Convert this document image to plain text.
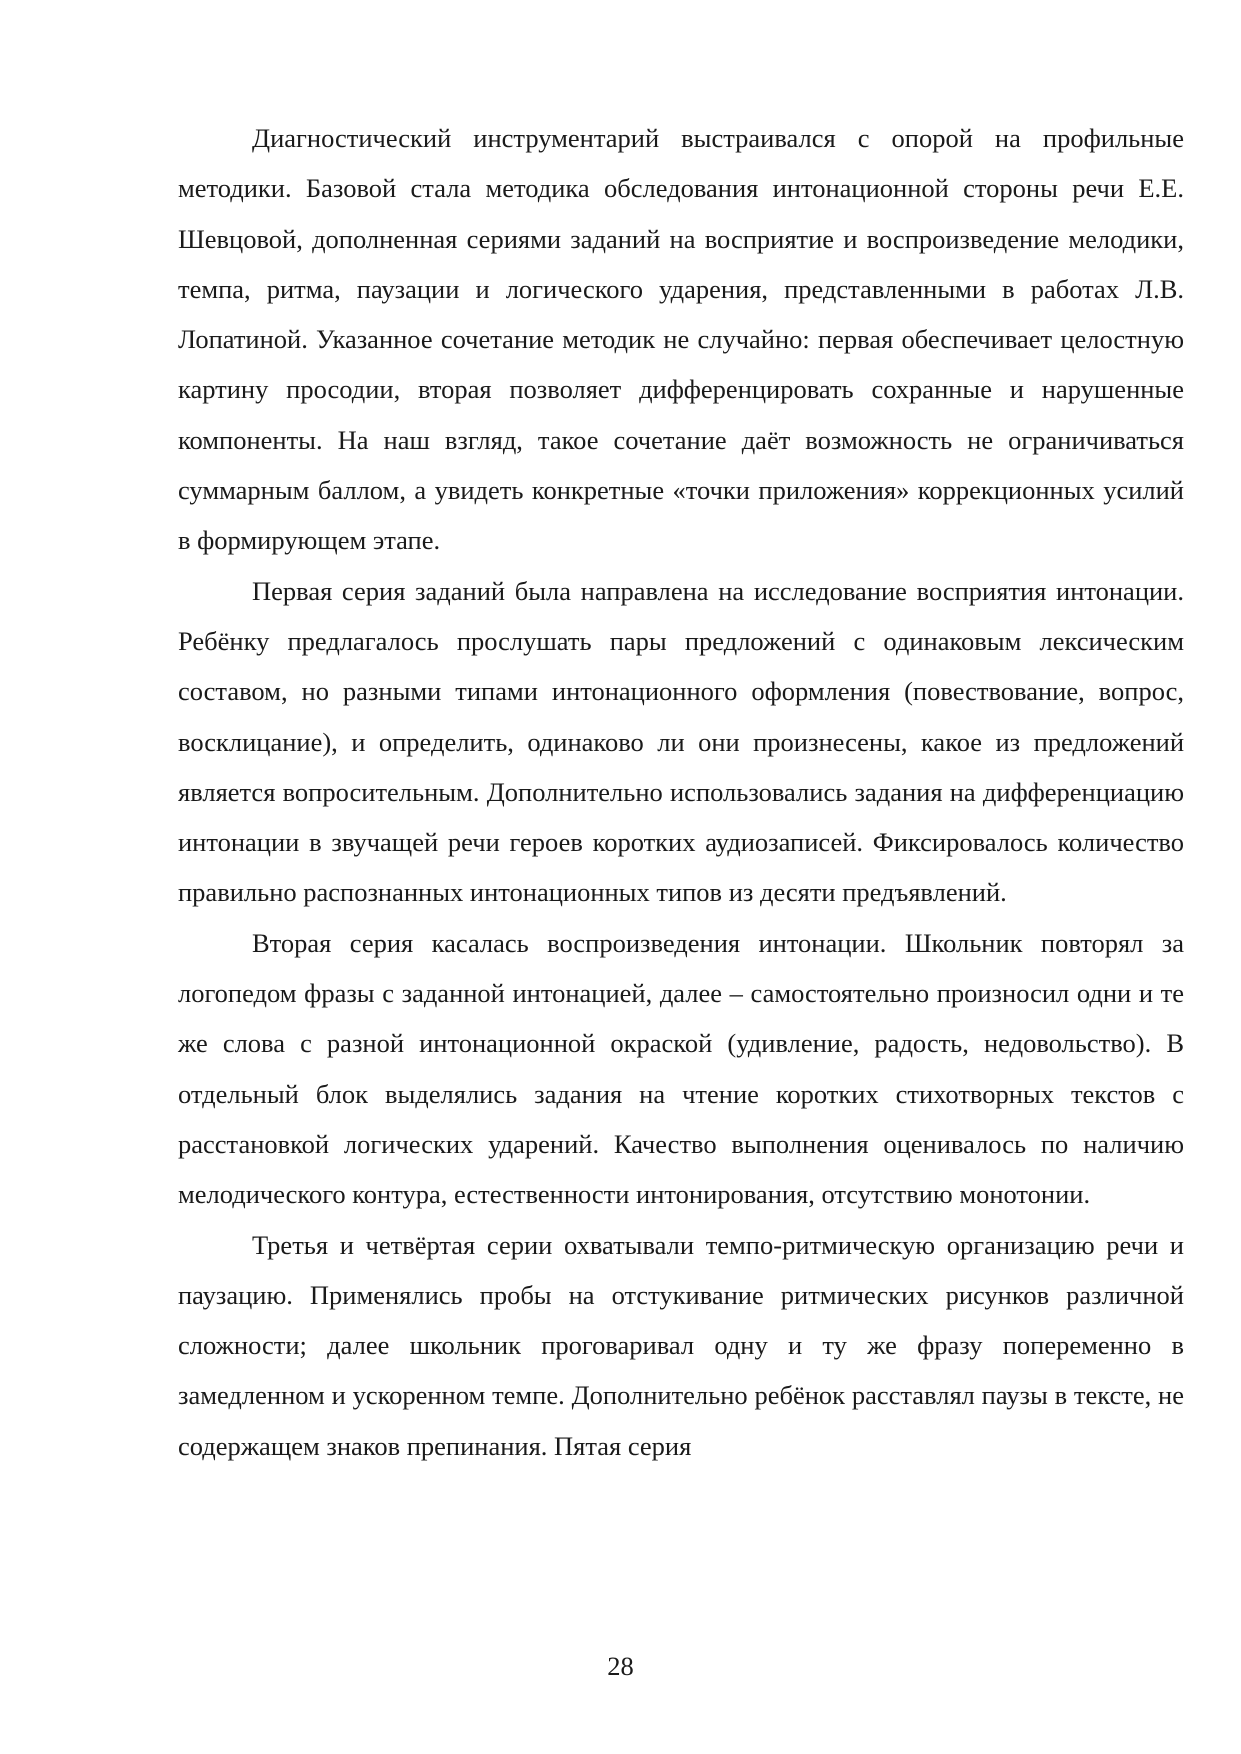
Диагностический инструментарий выстраивался с опорой на профильные методики. Базовой стала методика обследования интонационной стороны речи Е.Е. Шевцовой, дополненная сериями заданий на восприятие и воспроизведение мелодики, темпа, ритма, паузации и логического ударения, представленными в работах Л.В. Лопатиной. Указанное сочетание методик не случайно: первая обеспечивает целостную картину просодии, вторая позволяет дифференцировать сохранные и нарушенные компоненты. На наш взгляд, такое сочетание даёт возможность не ограничиваться суммарным баллом, а увидеть конкретные «точки приложения» коррекционных усилий в формирующем этапе.

Первая серия заданий была направлена на исследование восприятия интонации. Ребёнку предлагалось прослушать пары предложений с одинаковым лексическим составом, но разными типами интонационного оформления (повествование, вопрос, восклицание), и определить, одинаково ли они произнесены, какое из предложений является вопросительным. Дополнительно использовались задания на дифференциацию интонации в звучащей речи героев коротких аудиозаписей. Фиксировалось количество правильно распознанных интонационных типов из десяти предъявлений.

Вторая серия касалась воспроизведения интонации. Школьник повторял за логопедом фразы с заданной интонацией, далее – самостоятельно произносил одни и те же слова с разной интонационной окраской (удивление, радость, недовольство). В отдельный блок выделялись задания на чтение коротких стихотворных текстов с расстановкой логических ударений. Качество выполнения оценивалось по наличию мелодического контура, естественности интонирования, отсутствию монотонии.

Третья и четвёртая серии охватывали темпо-ритмическую организацию речи и паузацию. Применялись пробы на отстукивание ритмических рисунков различной сложности; далее школьник проговаривал одну и ту же фразу попеременно в замедленном и ускоренном темпе. Дополнительно ребёнок расставлял паузы в тексте, не содержащем знаков препинания. Пятая серия

28
